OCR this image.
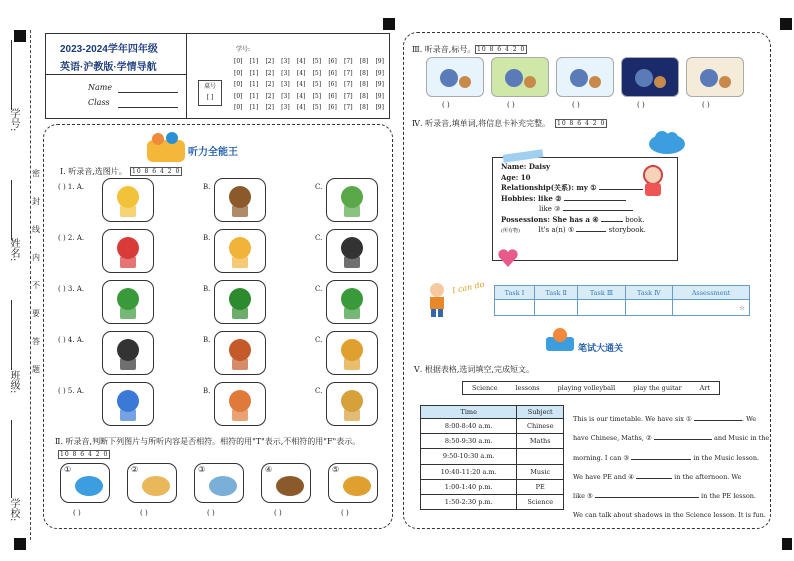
学号:
姓名:
班级:
学校:
密
封
线
内
不
要
答
题
2023-2024学年四年级
英语·沪教版·学情导航
Name
Class
桌号
[ ]
学号:
[0] [1] [2] [3] [4] [5] [6] [7] [8] [9]
[0] [1] [2] [3] [4] [5] [6] [7] [8] [9]
[0] [1] [2] [3] [4] [5] [6] [7] [8] [9]
[0] [1] [2] [3] [4] [5] [6] [7] [8] [9]
[0] [1] [2] [3] [4] [5] [6] [7] [8] [9]
听力全能王
Ⅰ. 听录音,选图片。 10 8 6 4 2 0
( ) 1. A.	B.	C.
( ) 2. A.	B.	C.
( ) 3. A.	B.	C.
( ) 4. A.	B.	C.
( ) 5. A.	B.	C.
Ⅱ. 听录音,判断下列图片与所听内容是否相符。相符的用"T"表示,不相符的用"F"表示。
10 8 6 4 2 0
①
( )
②
( )
③
( )
④
( )
⑤
( )
Ⅲ. 听录音,标号。 10 8 6 4 2 0
( )	( )	( )	( )	( )
Ⅳ. 听录音,填单词,将信息卡补充完整。	10 8 6 4 2 0
Name: Daisy
Age: 10
Relationship(关系): my ①
Hobbies: like ②
like ③
Possessions: She has a ④	book.
(所有物)	It's a(n) ⑤	storybook.
I can do	Task Ⅰ	Task Ⅱ	Task Ⅲ	Task Ⅳ	Assessment
				☆
笔试大通关
Ⅴ. 根据表格,选词填空,完成短文。
Science	lessons	playing volleyball	play the guitar	Art
Time	Subject
8:00-8:40 a.m.	Chinese
8:50-9:30 a.m.	Maths
9:50-10:30 a.m.	
10:40-11:20 a.m.	Music
1:00-1:40 p.m.	PE
1:50-2:30 p.m.	Science
This is our timetable. We have six ①	. We
have Chinese, Maths, ②	and Music in the
morning. I can ③	in the Music lesson.
We have PE and ④	in the afternoon. We
like ⑤	in the PE lesson.
We can talk about shadows in the Science lesson. It is fun.
